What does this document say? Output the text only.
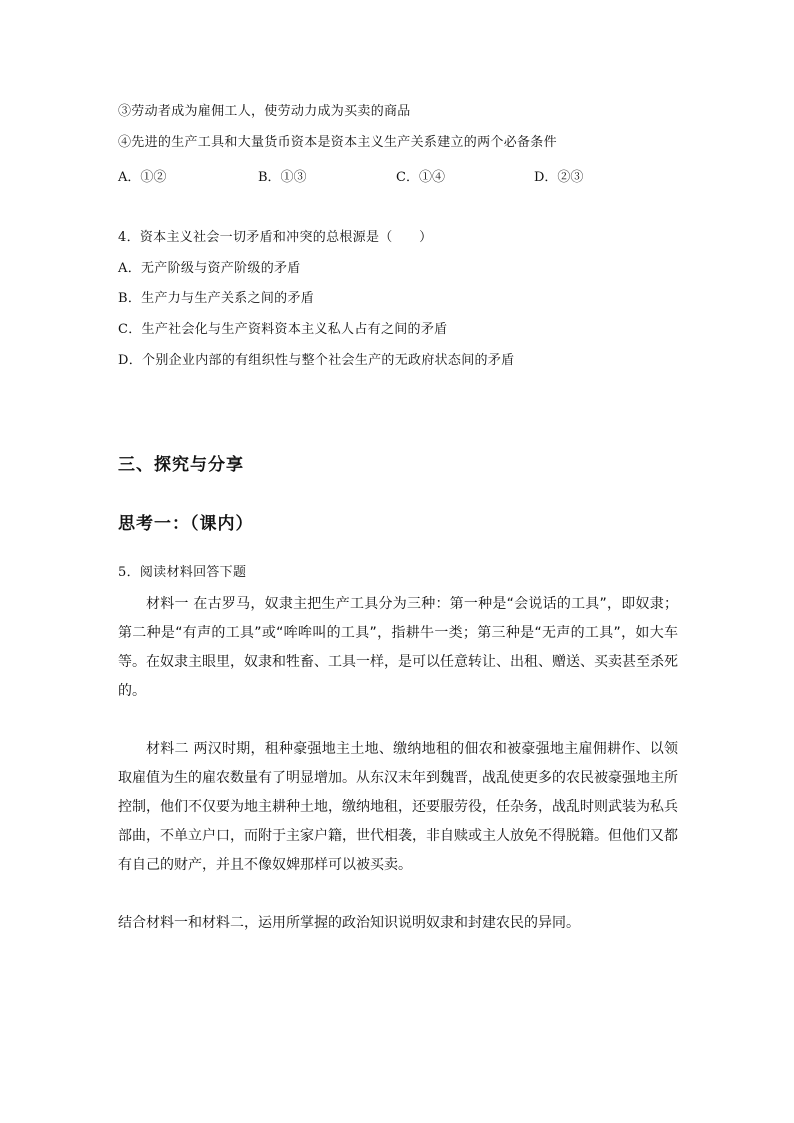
③劳动者成为雇佣工人，使劳动力成为买卖的商品
④先进的生产工具和大量货币资本是资本主义生产关系建立的两个必备条件
A．①②	B．①③	C．①④	D．②③
4．资本主义社会一切矛盾和冲突的总根源是（　　）
A．无产阶级与资产阶级的矛盾
B．生产力与生产关系之间的矛盾
C．生产社会化与生产资料资本主义私人占有之间的矛盾
D．个别企业内部的有组织性与整个社会生产的无政府状态间的矛盾
三、探究与分享
思考一：（课内）
5．阅读材料回答下题

材料一 在古罗马，奴隶主把生产工具分为三种：第一种是“会说话的工具”，即奴隶；第二种是“有声的工具”或“哞哞叫的工具”，指耕牛一类；第三种是“无声的工具”，如大车等。在奴隶主眼里，奴隶和牲畜、工具一样，是可以任意转让、出租、赠送、买卖甚至杀死的。

材料二 两汉时期，租种豪强地主土地、缴纳地租的佃农和被豪强地主雇佣耕作、以领取雇值为生的雇农数量有了明显增加。从东汉末年到魏晋，战乱使更多的农民被豪强地主所控制，他们不仅要为地主耕种土地，缴纳地租，还要服劳役，任杂务，战乱时则武装为私兵部曲，不单立户口，而附于主家户籍，世代相袭，非自赎或主人放免不得脱籍。但他们又都有自己的财产，并且不像奴婢那样可以被买卖。

结合材料一和材料二，运用所掌握的政治知识说明奴隶和封建农民的异同。
